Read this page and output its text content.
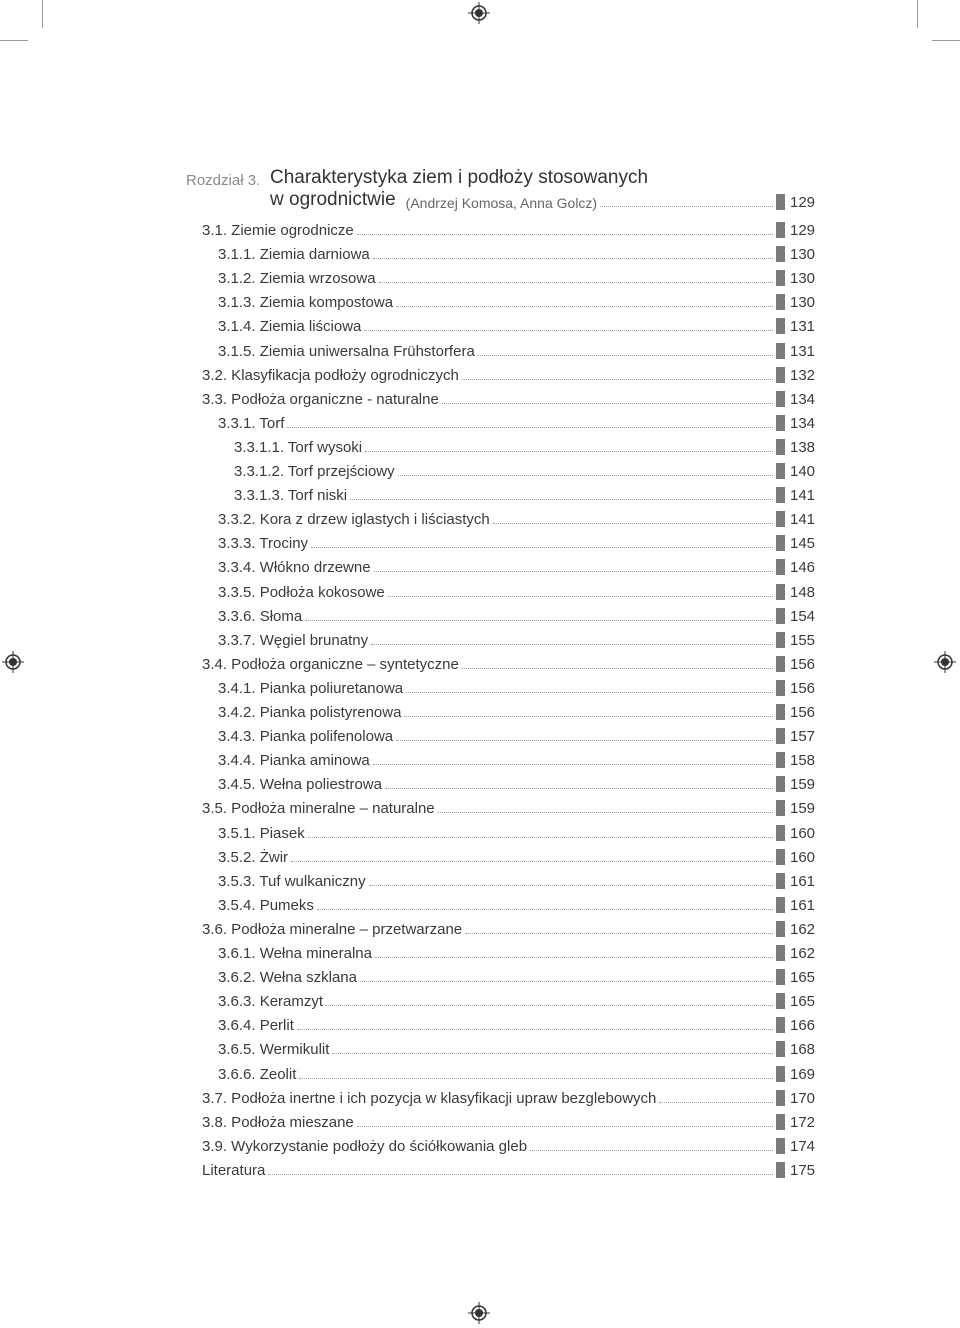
Rozdział 3. Charakterystyka ziem i podłoży stosowanych
w ogrodnictwie (Andrzej Komosa, Anna Golcz)	129
3.1. Ziemie ogrodnicze	129
3.1.1. Ziemia darniowa	130
3.1.2. Ziemia wrzosowa	130
3.1.3. Ziemia kompostowa	130
3.1.4. Ziemia liściowa	131
3.1.5. Ziemia uniwersalna Frühstorfera	131
3.2. Klasyfikacja podłoży ogrodniczych	132
3.3. Podłoża organiczne - naturalne	134
3.3.1. Torf	134
3.3.1.1. Torf wysoki	138
3.3.1.2. Torf przejściowy	140
3.3.1.3. Torf niski	141
3.3.2. Kora z drzew iglastych i liściastych	141
3.3.3. Trociny	145
3.3.4. Włókno drzewne	146
3.3.5. Podłoża kokosowe	148
3.3.6. Słoma	154
3.3.7. Węgiel brunatny	155
3.4. Podłoża organiczne – syntetyczne	156
3.4.1. Pianka poliuretanowa	156
3.4.2. Pianka polistyrenowa	156
3.4.3. Pianka polifenolowa	157
3.4.4. Pianka aminowa	158
3.4.5. Wełna poliestrowa	159
3.5. Podłoża mineralne – naturalne	159
3.5.1. Piasek	160
3.5.2. Żwir	160
3.5.3. Tuf wulkaniczny	161
3.5.4. Pumeks	161
3.6. Podłoża mineralne – przetwarzane	162
3.6.1. Wełna mineralna	162
3.6.2. Wełna szklana	165
3.6.3. Keramzyt	165
3.6.4. Perlit	166
3.6.5. Wermikulit	168
3.6.6. Zeolit	169
3.7. Podłoża inertne i ich pozycja w klasyfikacji upraw bezglebowych	170
3.8. Podłoża mieszane	172
3.9. Wykorzystanie podłoży do ściółkowania gleb	174
Literatura	175
